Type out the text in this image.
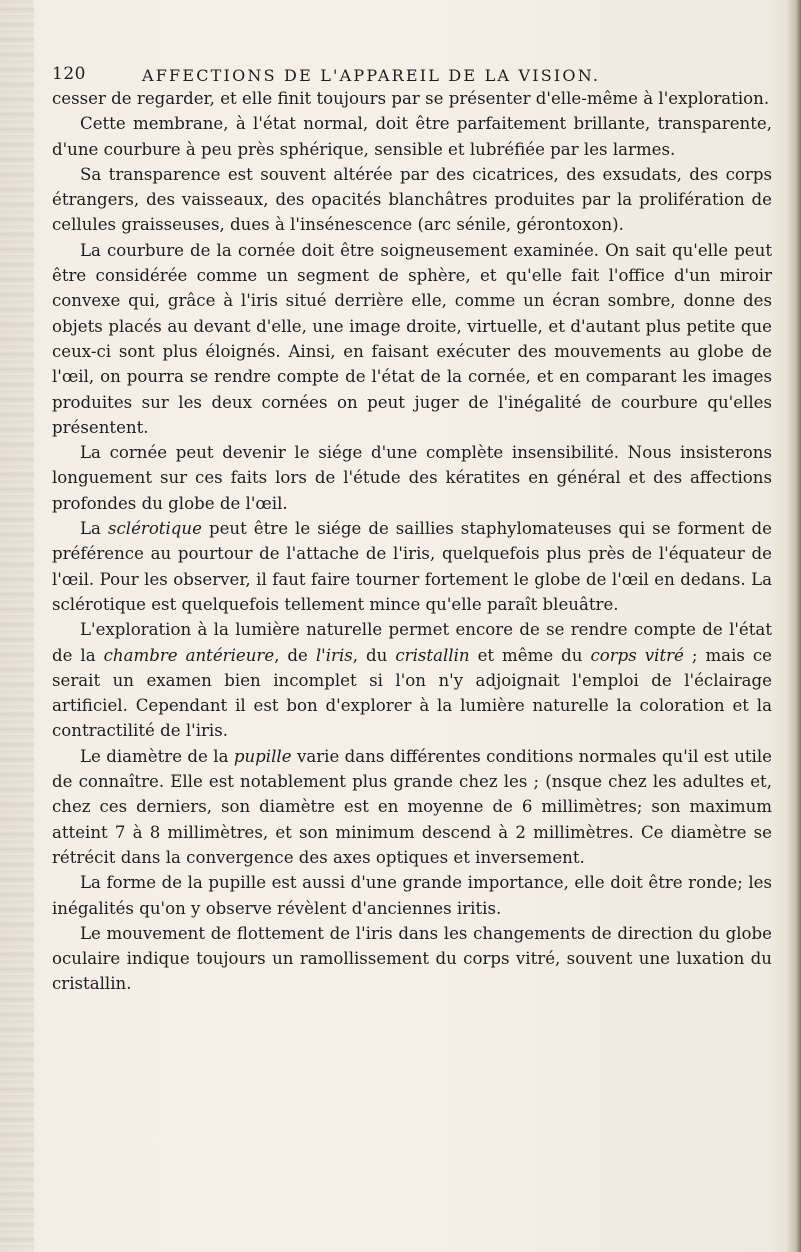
120	AFFECTIONS DE L'APPAREIL DE LA VISION.

cesser de regarder, et elle finit toujours par se présenter d'elle-même à l'exploration.

Cette membrane, à l'état normal, doit être parfaitement brillante, transparente, d'une courbure à peu près sphérique, sensible et lubréfiée par les larmes.

Sa transparence est souvent altérée par des cicatrices, des exsudats, des corps étrangers, des vaisseaux, des opacités blanchâtres produites par la prolifération de cellules graisseuses, dues à l'insénescence (arc sénile, gérontoxon).

La courbure de la cornée doit être soigneusement examinée. On sait qu'elle peut être considérée comme un segment de sphère, et qu'elle fait l'office d'un miroir convexe qui, grâce à l'iris situé derrière elle, comme un écran sombre, donne des objets placés au devant d'elle, une image droite, virtuelle, et d'autant plus petite que ceux-ci sont plus éloignés. Ainsi, en faisant exécuter des mouvements au globe de l'œil, on pourra se rendre compte de l'état de la cornée, et en comparant les images produites sur les deux cornées on peut juger de l'inégalité de courbure qu'elles présentent.

La cornée peut devenir le siége d'une complète insensibilité. Nous insisterons longuement sur ces faits lors de l'étude des kératites en général et des affections profondes du globe de l'œil.

La sclérotique peut être le siége de saillies staphylomateuses qui se forment de préférence au pourtour de l'attache de l'iris, quelquefois plus près de l'équateur de l'œil. Pour les observer, il faut faire tourner fortement le globe de l'œil en dedans. La sclérotique est quelquefois tellement mince qu'elle paraît bleuâtre.

L'exploration à la lumière naturelle permet encore de se rendre compte de l'état de la chambre antérieure, de l'iris, du cristallin et même du corps vitré ; mais ce serait un examen bien incomplet si l'on n'y adjoignait l'emploi de l'éclairage artificiel. Cependant il est bon d'explorer à la lumière naturelle la coloration et la contractilité de l'iris.

Le diamètre de la pupille varie dans différentes conditions normales qu'il est utile de connaître. Elle est notablement plus grande chez les ; (nsque chez les adultes et, chez ces derniers, son diamètre est en moyenne de 6 millimètres; son maximum atteint 7 à 8 millimètres, et son minimum descend à 2 millimètres. Ce diamètre se rétrécit dans la convergence des axes optiques et inversement.

La forme de la pupille est aussi d'une grande importance, elle doit être ronde; les inégalités qu'on y observe révèlent d'anciennes iritis.

Le mouvement de flottement de l'iris dans les changements de direction du globe oculaire indique toujours un ramollissement du corps vitré, souvent une luxation du cristallin.
